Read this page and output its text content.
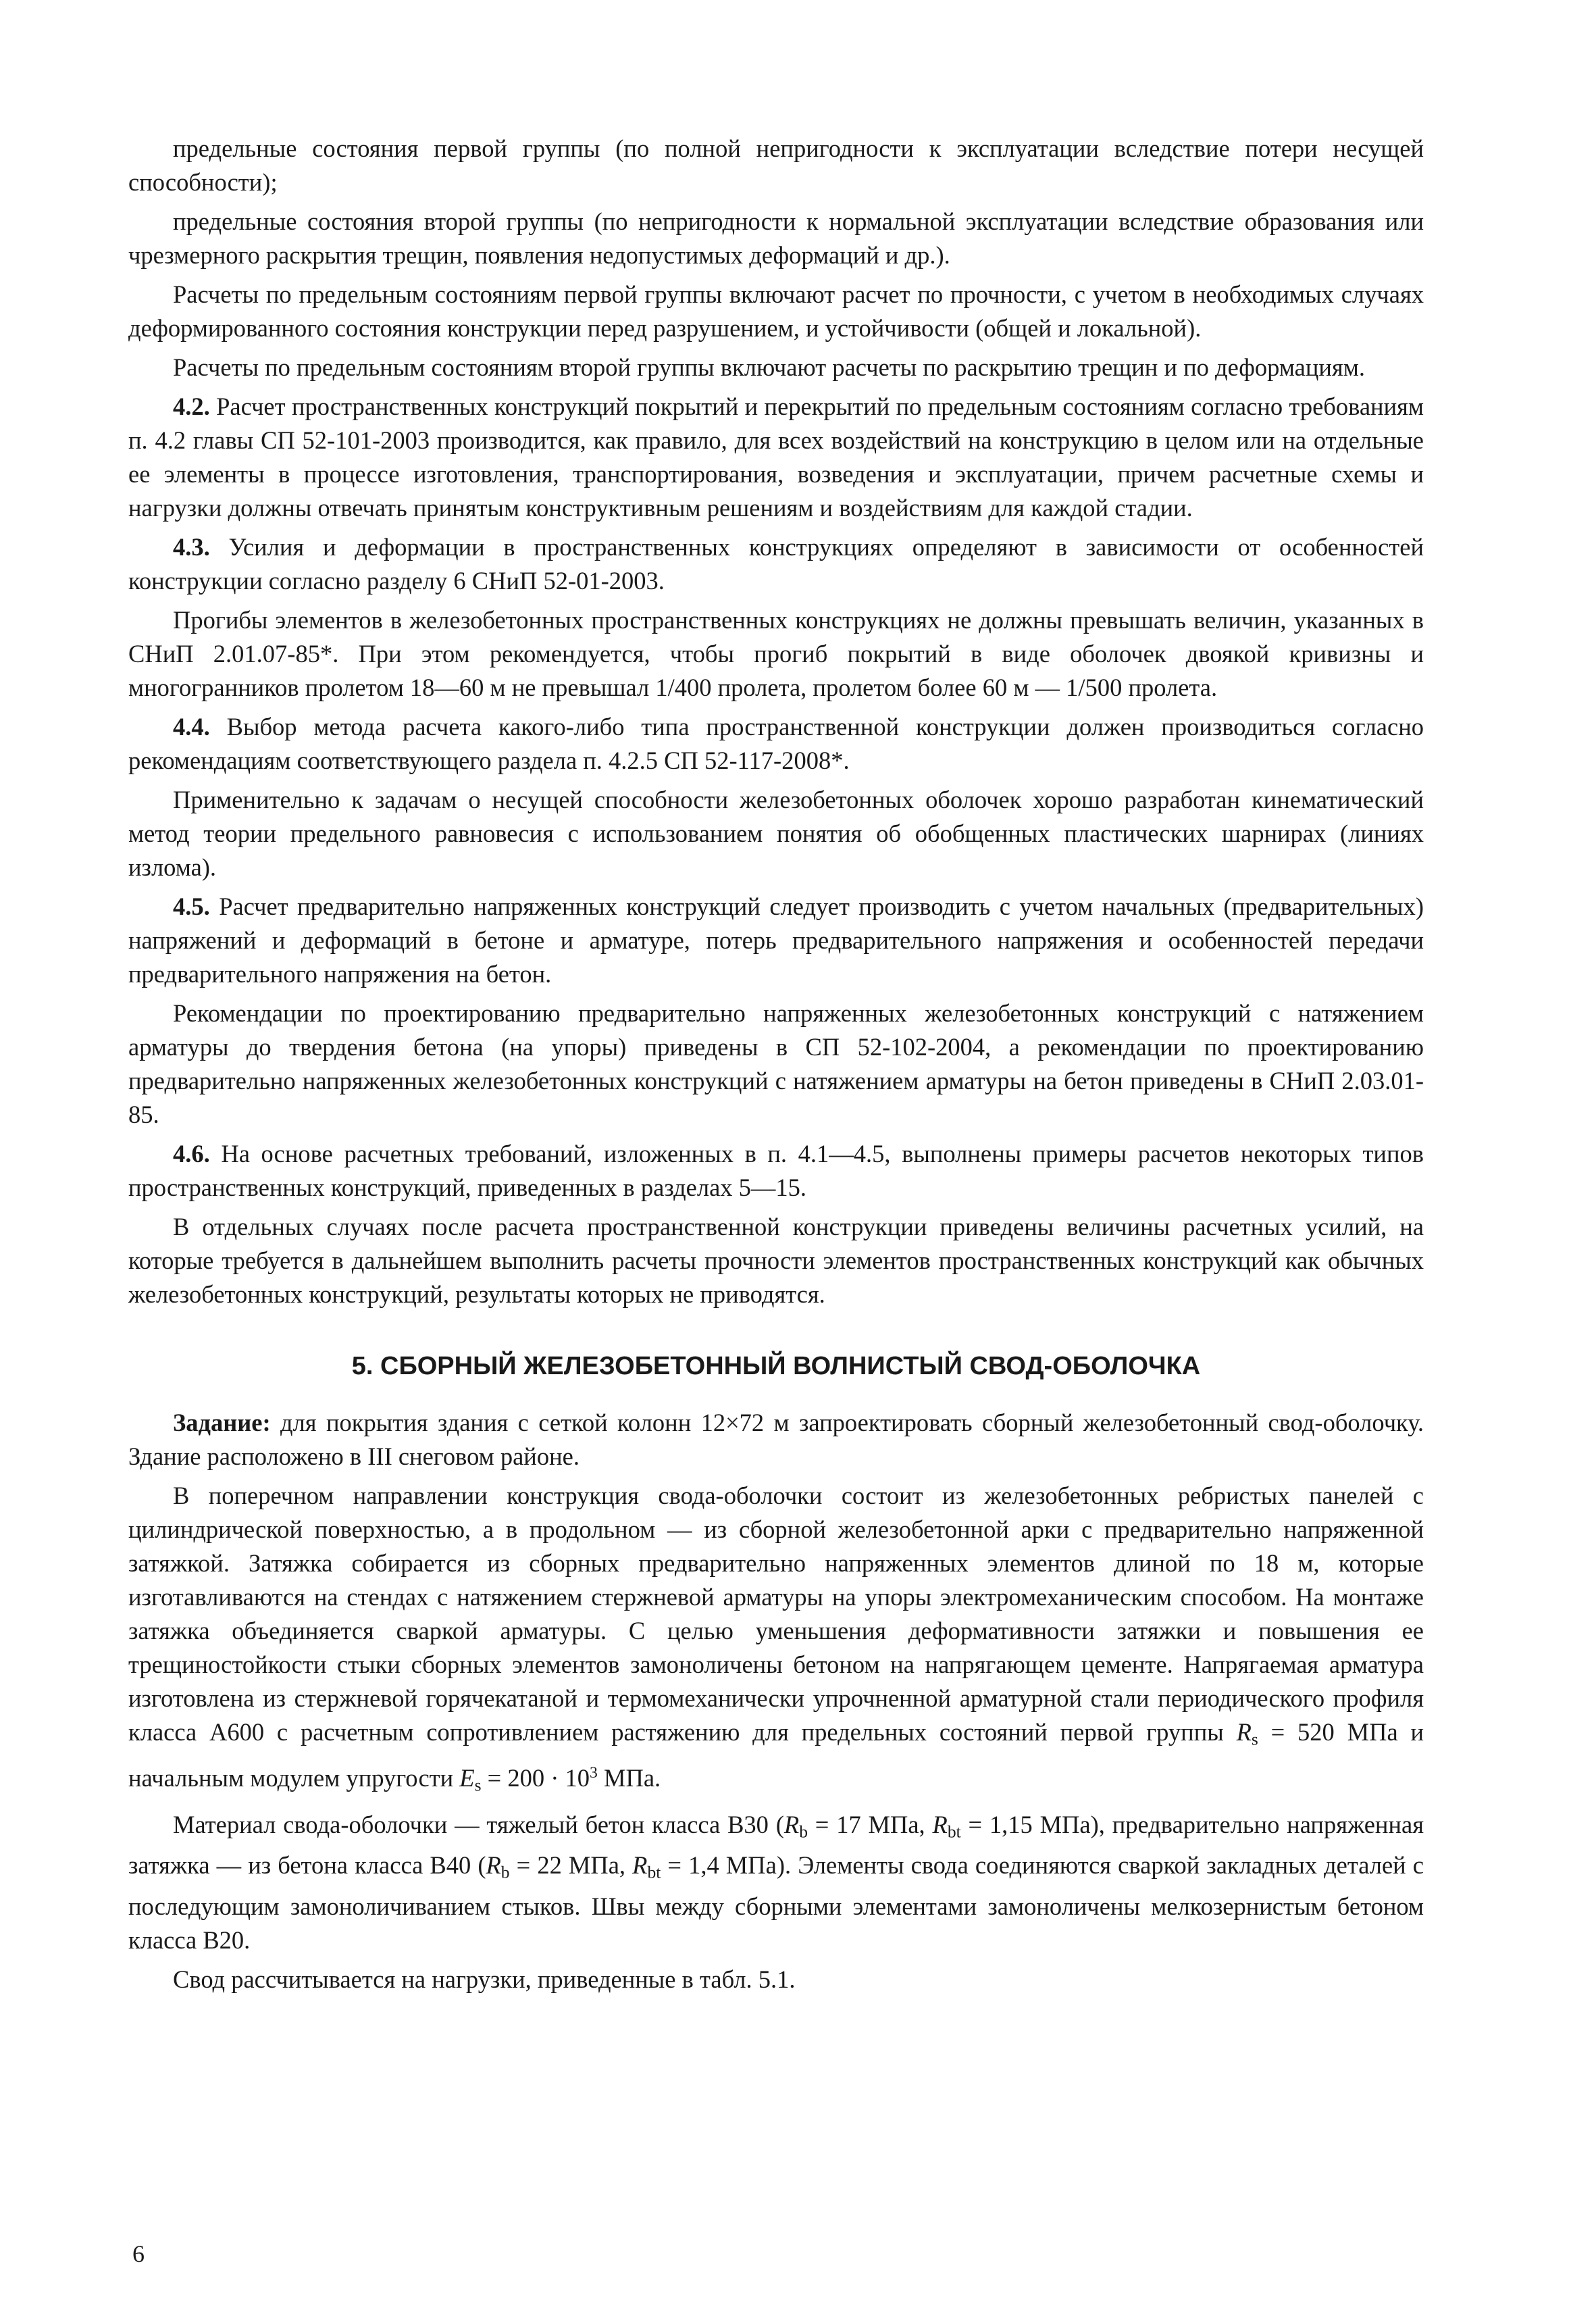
предельные состояния первой группы (по полной непригодности к эксплуатации вследствие потери несущей способности);

предельные состояния второй группы (по непригодности к нормальной эксплуатации вследствие образования или чрезмерного раскрытия трещин, появления недопустимых деформаций и др.).

Расчеты по предельным состояниям первой группы включают расчет по прочности, с учетом в необходимых случаях деформированного состояния конструкции перед разрушением, и устойчивости (общей и локальной).

Расчеты по предельным состояниям второй группы включают расчеты по раскрытию трещин и по деформациям.

4.2. Расчет пространственных конструкций покрытий и перекрытий по предельным состояниям согласно требованиям п. 4.2 главы СП 52-101-2003 производится, как правило, для всех воздействий на конструкцию в целом или на отдельные ее элементы в процессе изготовления, транспортирования, возведения и эксплуатации, причем расчетные схемы и нагрузки должны отвечать принятым конструктивным решениям и воздействиям для каждой стадии.

4.3. Усилия и деформации в пространственных конструкциях определяют в зависимости от особенностей конструкции согласно разделу 6 СНиП 52-01-2003.

Прогибы элементов в железобетонных пространственных конструкциях не должны превышать величин, указанных в СНиП 2.01.07-85*. При этом рекомендуется, чтобы прогиб покрытий в виде оболочек двоякой кривизны и многогранников пролетом 18—60 м не превышал 1/400 пролета, пролетом более 60 м — 1/500 пролета.

4.4. Выбор метода расчета какого-либо типа пространственной конструкции должен производиться согласно рекомендациям соответствующего раздела п. 4.2.5 СП 52-117-2008*.

Применительно к задачам о несущей способности железобетонных оболочек хорошо разработан кинематический метод теории предельного равновесия с использованием понятия об обобщенных пластических шарнирах (линиях излома).

4.5. Расчет предварительно напряженных конструкций следует производить с учетом начальных (предварительных) напряжений и деформаций в бетоне и арматуре, потерь предварительного напряжения и особенностей передачи предварительного напряжения на бетон.

Рекомендации по проектированию предварительно напряженных железобетонных конструкций с натяжением арматуры до твердения бетона (на упоры) приведены в СП 52-102-2004, а рекомендации по проектированию предварительно напряженных железобетонных конструкций с натяжением арматуры на бетон приведены в СНиП 2.03.01-85.

4.6. На основе расчетных требований, изложенных в п. 4.1—4.5, выполнены примеры расчетов некоторых типов пространственных конструкций, приведенных в разделах 5—15.

В отдельных случаях после расчета пространственной конструкции приведены величины расчетных усилий, на которые требуется в дальнейшем выполнить расчеты прочности элементов пространственных конструкций как обычных железобетонных конструкций, результаты которых не приводятся.

5. СБОРНЫЙ ЖЕЛЕЗОБЕТОННЫЙ ВОЛНИСТЫЙ СВОД-ОБОЛОЧКА

Задание: для покрытия здания с сеткой колонн 12×72 м запроектировать сборный железобетонный свод-оболочку. Здание расположено в III снеговом районе.

В поперечном направлении конструкция свода-оболочки состоит из железобетонных ребристых панелей с цилиндрической поверхностью, а в продольном — из сборной железобетонной арки с предварительно напряженной затяжкой. Затяжка собирается из сборных предварительно напряженных элементов длиной по 18 м, которые изготавливаются на стендах с натяжением стержневой арматуры на упоры электромеханическим способом. На монтаже затяжка объединяется сваркой арматуры. С целью уменьшения деформативности затяжки и повышения ее трещиностойкости стыки сборных элементов замоноличены бетоном на напрягающем цементе. Напрягаемая арматура изготовлена из стержневой горячекатаной и термомеханически упрочненной арматурной стали периодического профиля класса А600 с расчетным сопротивлением растяжению для предельных состояний первой группы $R_s = 520$ МПа и начальным модулем упругости $E_s = 200 \cdot 10^3$ МПа.

Материал свода-оболочки — тяжелый бетон класса В30 ($R_b = 17$ МПа, $R_{bt} = 1,15$ МПа), предварительно напряженная затяжка — из бетона класса В40 ($R_b = 22$ МПа, $R_{bt} = 1,4$ МПа). Элементы свода соединяются сваркой закладных деталей с последующим замоноличиванием стыков. Швы между сборными элементами замоноличены мелкозернистым бетоном класса В20.

Свод рассчитывается на нагрузки, приведенные в табл. 5.1.

6
